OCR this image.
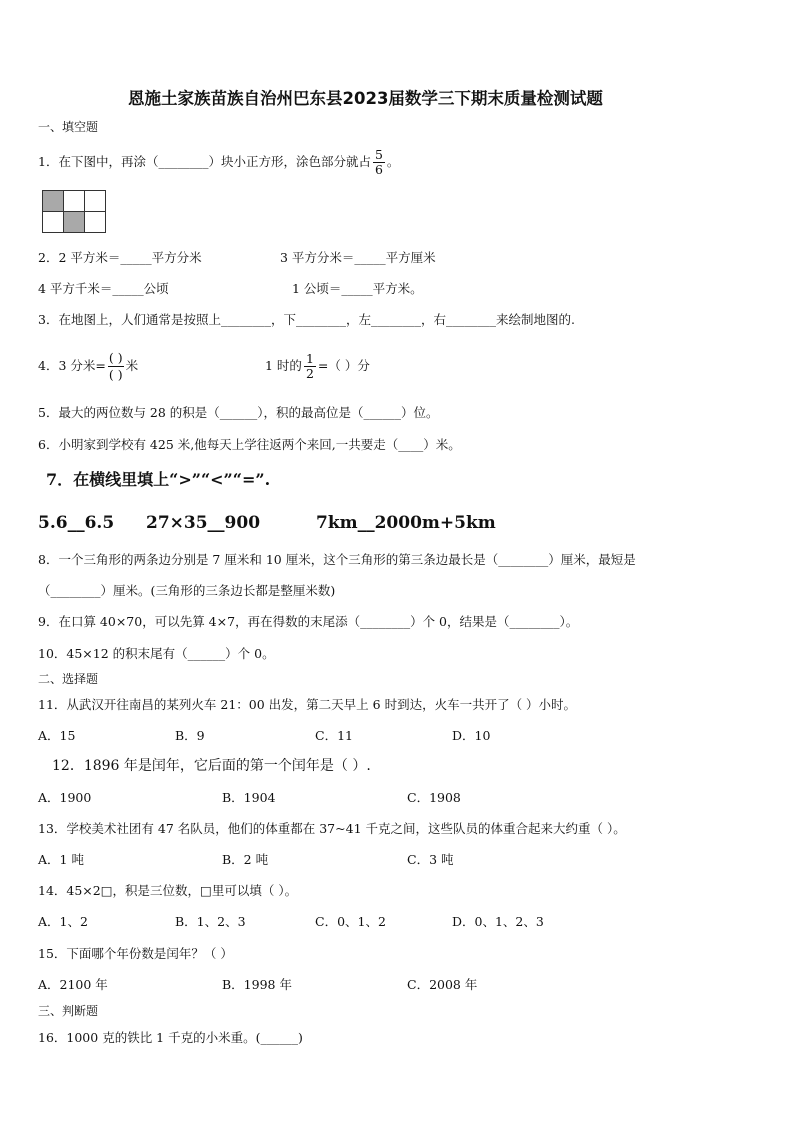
恩施土家族苗族自治州巴东县2023届数学三下期末质量检测试题
一、填空题
1．在下图中，再涂（________）块小正方形，涂色部分就占 $\frac{5}{6}$ 。

2．2 平方米＝_____平方分米	3 平方分米＝_____平方厘米
4 平方千米＝_____公顷	1 公顷＝_____平方米。
3．在地图上，人们通常是按照上________，下________，左________，右________来绘制地图的.
4．3 分米= $\frac{( )}{( )}$ 米	1 时的 $\frac{1}{2}$ =（ ）分
5．最大的两位数与 28 的积是（______），积的最高位是（______）位。
6．小明家到学校有 425 米,他每天上学往返两个来回,一共要走（____）米。
7．在横线里填上“>”“<”“=”.
5.6__6.5 27×35__900	7km__2000m+5km
8．一个三角形的两条边分别是 7 厘米和 10 厘米，这个三角形的第三条边最长是（________）厘米，最短是
（________）厘米。(三角形的三条边长都是整厘米数)
9．在口算 40×70，可以先算 4×7，再在得数的末尾添（________）个 0，结果是（________）。
10．45×12 的积末尾有（______）个 0。
二、选择题
11．从武汉开往南昌的某列火车 21：00 出发，第二天早上 6 时到达，火车一共开了（ ）小时。
A．15	B．9	C．11	D．10
12．1896 年是闰年，它后面的第一个闰年是（ ）.
A．1900	B．1904	C．1908
13．学校美术社团有 47 名队员，他们的体重都在 37~41 千克之间，这些队员的体重合起来大约重（ ）。
A．1 吨	B．2 吨	C．3 吨
14．45×2□，积是三位数，□里可以填（ ）。
A．1、2	B．1、2、3	C．0、1、2	D．0、1、2、3
15．下面哪个年份数是闰年？（ ）
A．2100 年	B．1998 年	C．2008 年
三、判断题
16．1000 克的铁比 1 千克的小米重。(______)
